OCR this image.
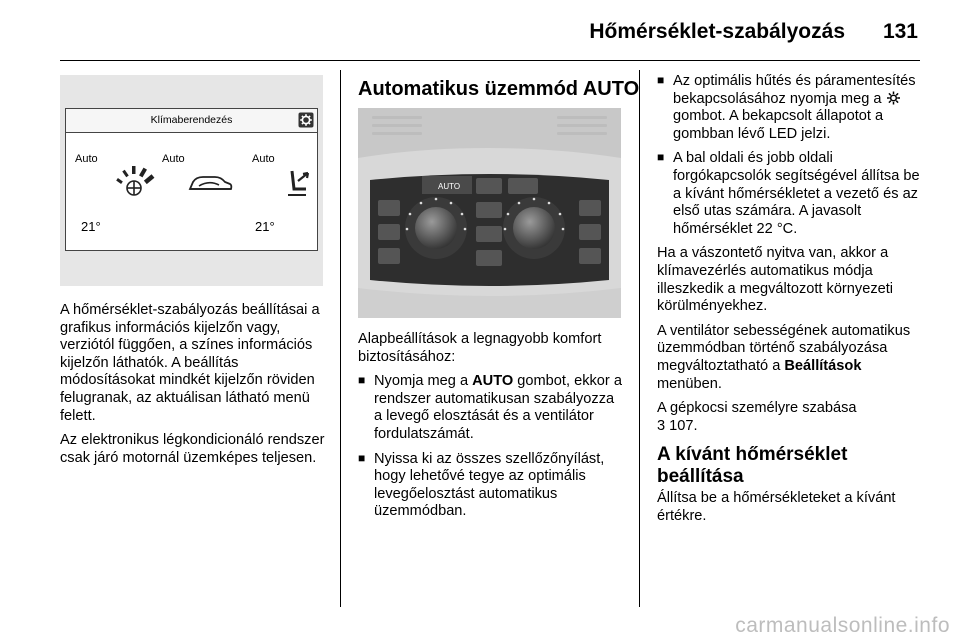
Hőmérséklet-szabályozás 131
Klímaberendezés
Auto	Auto	Auto
21°	21°
AUTO

A hőmérséklet-szabályozás beállításai a grafikus információs kijelzőn vagy, verziótól függően, a színes információs kijelzőn láthatók. A beállítás módosításokat mindkét kijelzőn röviden felugranak, az aktuálisan látható menü felett.

Az elektronikus légkondicionáló rendszer csak járó motornál üzemképes teljesen.

Automatikus üzemmód AUTO

Alapbeállítások a legnagyobb komfort biztosításához:

■ Nyomja meg a AUTO gombot, ekkor a rendszer automatikusan szabályozza a levegő elosztását és a ventilátor fordulatszámát.
■ Nyissa ki az összes szellőzőnyílást, hogy lehetővé tegye az optimális levegőelosztást automatikus üzemmódban.
■ Az optimális hűtés és páramentesítés bekapcsolásához nyomja meg a  gombot. A bekapcsolt állapotot a gombban lévő LED jelzi.
■ A bal oldali és jobb oldali forgókapcsolók segítségével állítsa be a kívánt hőmérsékletet a vezető és az első utas számára. A javasolt hőmérséklet 22 °C.

Ha a vászontető nyitva van, akkor a klímavezérlés automatikus módja illeszkedik a megváltozott környezeti körülményekhez.

A ventilátor sebességének automatikus üzemmódban történő szabályozása megváltoztatható a Beállítások menüben.

A gépkocsi személyre szabása
3 107.

A kívánt hőmérséklet beállítása

Állítsa be a hőmérsékleteket a kívánt értékre.

carmanualsonline.info
